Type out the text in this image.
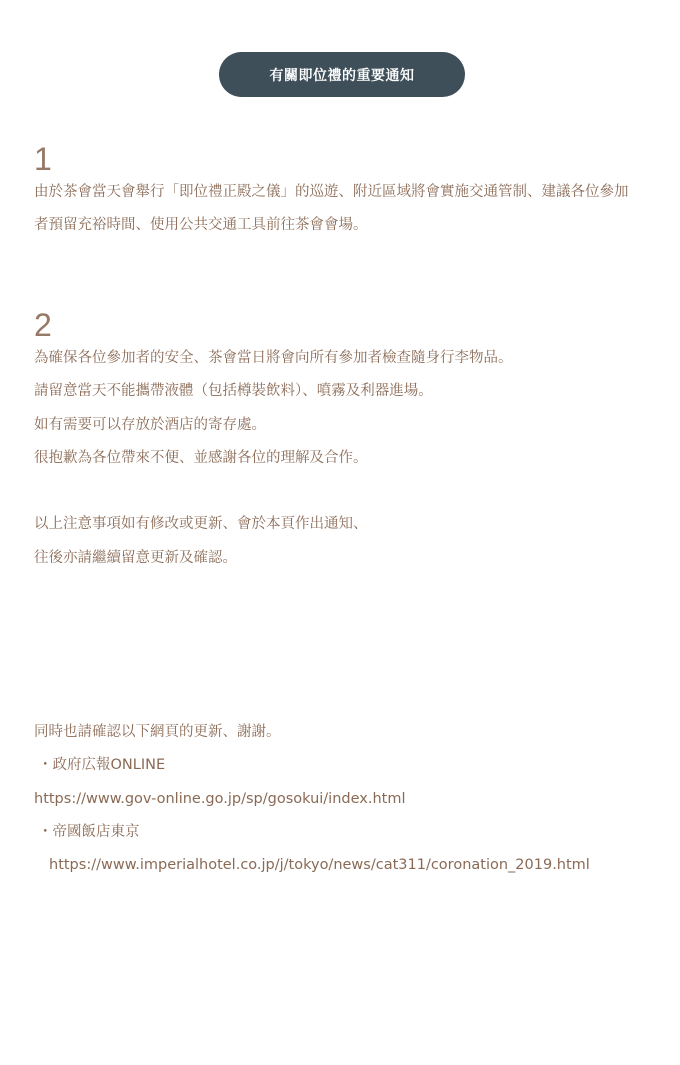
有關即位禮的重要通知
1
由於茶會當天會舉行「即位禮正殿之儀」的巡遊、附近區域將會實施交通管制、建議各位參加
者預留充裕時間、使用公共交通工具前往茶會會場。
2
為確保各位參加者的安全、茶會當日將會向所有參加者檢查隨身行李物品。
請留意當天不能攜帶液體（包括樽裝飲料）、噴霧及利器進場。
如有需要可以存放於酒店的寄存處。
很抱歉為各位帶來不便、並感謝各位的理解及合作。
以上注意事項如有修改或更新、會於本頁作出通知、
往後亦請繼續留意更新及確認。
同時也請確認以下網頁的更新、謝謝。
・政府広報ONLINE
https://www.gov-online.go.jp/sp/gosokui/index.html
・帝國飯店東京
https://www.imperialhotel.co.jp/j/tokyo/news/cat311/coronation_2019.html
